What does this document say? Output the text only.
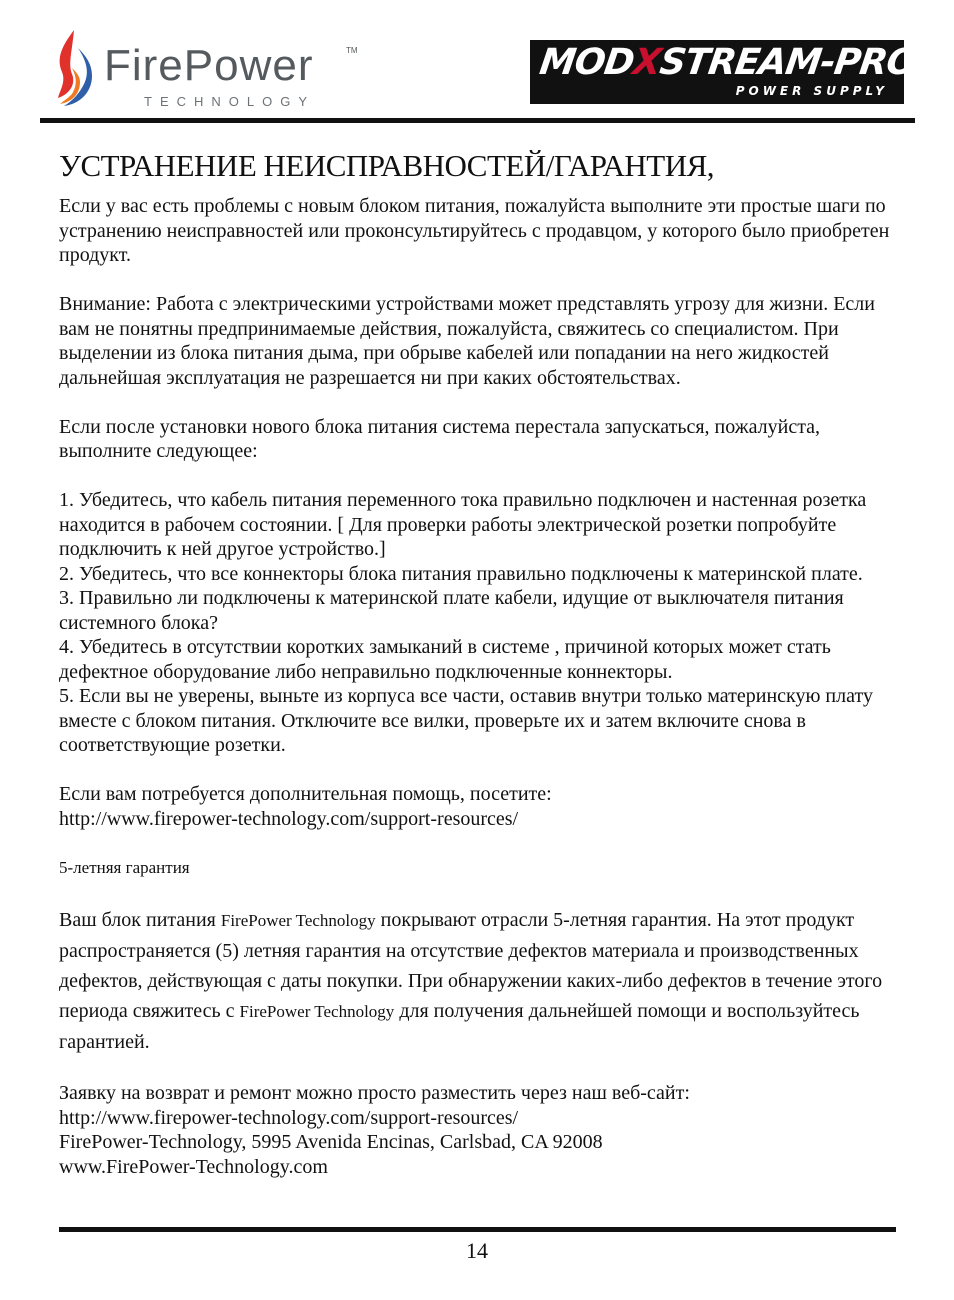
FirePower	TM
TECHNOLOGY
MODXSTREAM-PRO
POWER SUPPLY
УСТРАНЕНИЕ НЕИСПРАВНОСТЕЙ/ГАРАНТИЯ,

Если у вас есть проблемы с новым блоком питания, пожалуйста выполните эти простые шаги по устранению неисправностей или проконсультируйтесь с продавцом, у которого было приобретен продукт.

Внимание: Работа с электрическими устройствами может представлять угрозу для жизни. Если вам не понятны предпринимаемые действия, пожалуйста, свяжитесь со специалистом. При выделении из блока питания дыма, при обрыве кабелей или попадании на него жидкостей дальнейшая эксплуатация не разрешается ни при каких обстоятельствах.

Если после установки нового блока питания система перестала запускаться, пожалуйста, выполните следующее:

1. Убедитесь, что кабель питания переменного тока правильно подключен и настенная розетка находится в рабочем состоянии. [ Для проверки работы электрической розетки попробуйте подключить к ней другое устройство.]

2. Убедитесь, что все коннекторы блока питания правильно подключены к материнской плате.

3. Правильно ли подключены к материнской плате кабели, идущие от выключателя питания системного блока?

4. Убедитесь в отсутствии коротких замыканий в системе , причиной которых может стать дефектное оборудование либо неправильно подключенные коннекторы.

5. Если вы не уверены, выньте из корпуса все части, оставив внутри только материнскую плату вместе с блоком питания. Отключите все вилки, проверьте их и затем включите снова в соответствующие розетки.

Если вам потребуется дополнительная помощь, посетите:

http://www.firepower-technology.com/support-resources/

5-летняя гарантия

Ваш блок питания FirePower Technology покрывают отрасли 5-летняя гарантия. На этот продукт распространяется (5) летняя гарантия на отсутствие дефектов материала и производственных дефектов, действующая с даты покупки. При обнаружении каких-либо дефектов в течение этого периода свяжитесь с FirePower Technology для получения дальнейшей помощи и воспользуйтесь гарантией.

Заявку на возврат и ремонт можно просто разместить через наш веб-сайт:

http://www.firepower-technology.com/support-resources/

FirePower-Technology, 5995 Avenida Encinas, Carlsbad, CA 92008

www.FirePower-Technology.com

14
